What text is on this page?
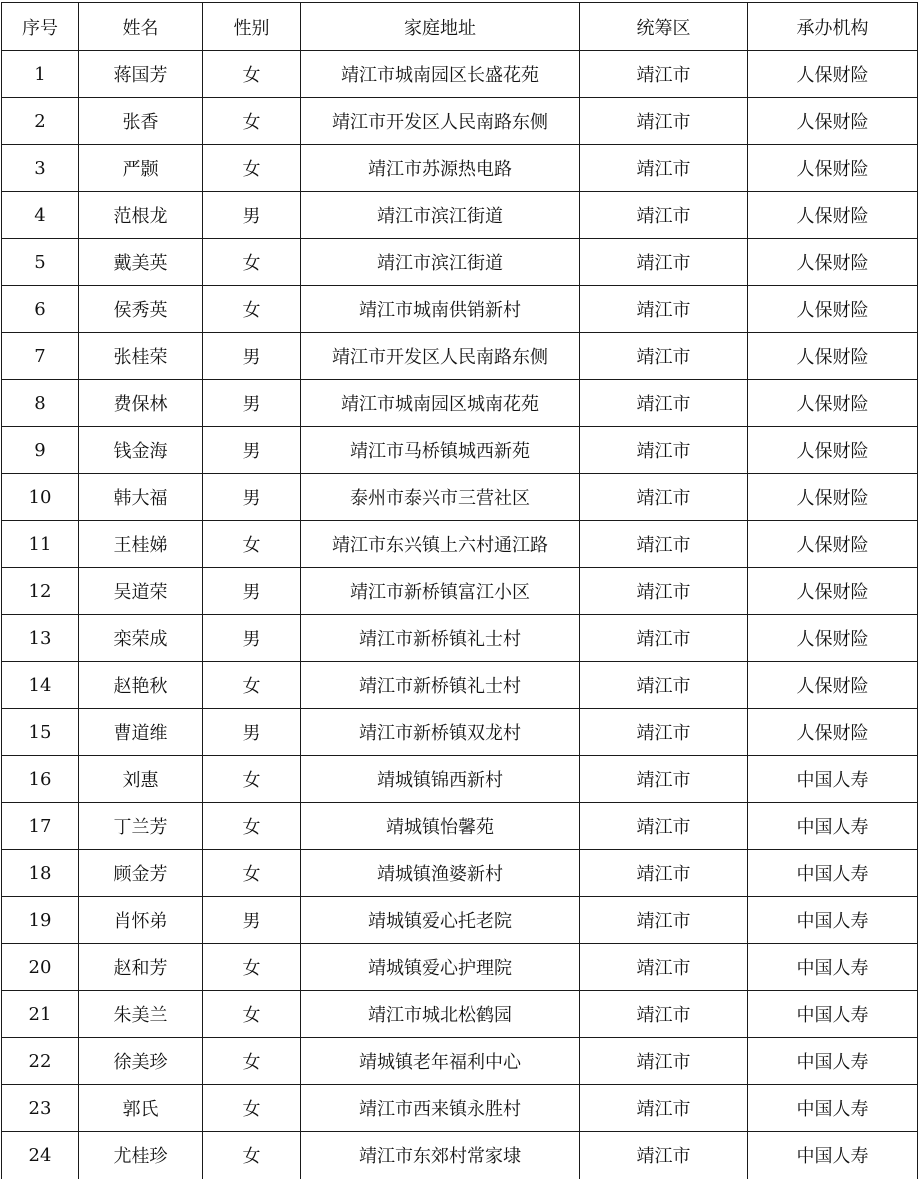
序号	姓名	性别	家庭地址	统筹区	承办机构
1	蒋国芳	女	靖江市城南园区长盛花苑	靖江市	人保财险
2	张香	女	靖江市开发区人民南路东侧	靖江市	人保财险
3	严颢	女	靖江市苏源热电路	靖江市	人保财险
4	范根龙	男	靖江市滨江街道	靖江市	人保财险
5	戴美英	女	靖江市滨江街道	靖江市	人保财险
6	侯秀英	女	靖江市城南供销新村	靖江市	人保财险
7	张桂荣	男	靖江市开发区人民南路东侧	靖江市	人保财险
8	费保林	男	靖江市城南园区城南花苑	靖江市	人保财险
9	钱金海	男	靖江市马桥镇城西新苑	靖江市	人保财险
10	韩大福	男	泰州市泰兴市三营社区	靖江市	人保财险
11	王桂娣	女	靖江市东兴镇上六村通江路	靖江市	人保财险
12	吴道荣	男	靖江市新桥镇富江小区	靖江市	人保财险
13	栾荣成	男	靖江市新桥镇礼士村	靖江市	人保财险
14	赵艳秋	女	靖江市新桥镇礼士村	靖江市	人保财险
15	曹道维	男	靖江市新桥镇双龙村	靖江市	人保财险
16	刘惠	女	靖城镇锦西新村	靖江市	中国人寿
17	丁兰芳	女	靖城镇怡馨苑	靖江市	中国人寿
18	顾金芳	女	靖城镇渔婆新村	靖江市	中国人寿
19	肖怀弟	男	靖城镇爱心托老院	靖江市	中国人寿
20	赵和芳	女	靖城镇爱心护理院	靖江市	中国人寿
21	朱美兰	女	靖江市城北松鹤园	靖江市	中国人寿
22	徐美珍	女	靖城镇老年福利中心	靖江市	中国人寿
23	郭氏	女	靖江市西来镇永胜村	靖江市	中国人寿
24	尤桂珍	女	靖江市东郊村常家埭	靖江市	中国人寿
